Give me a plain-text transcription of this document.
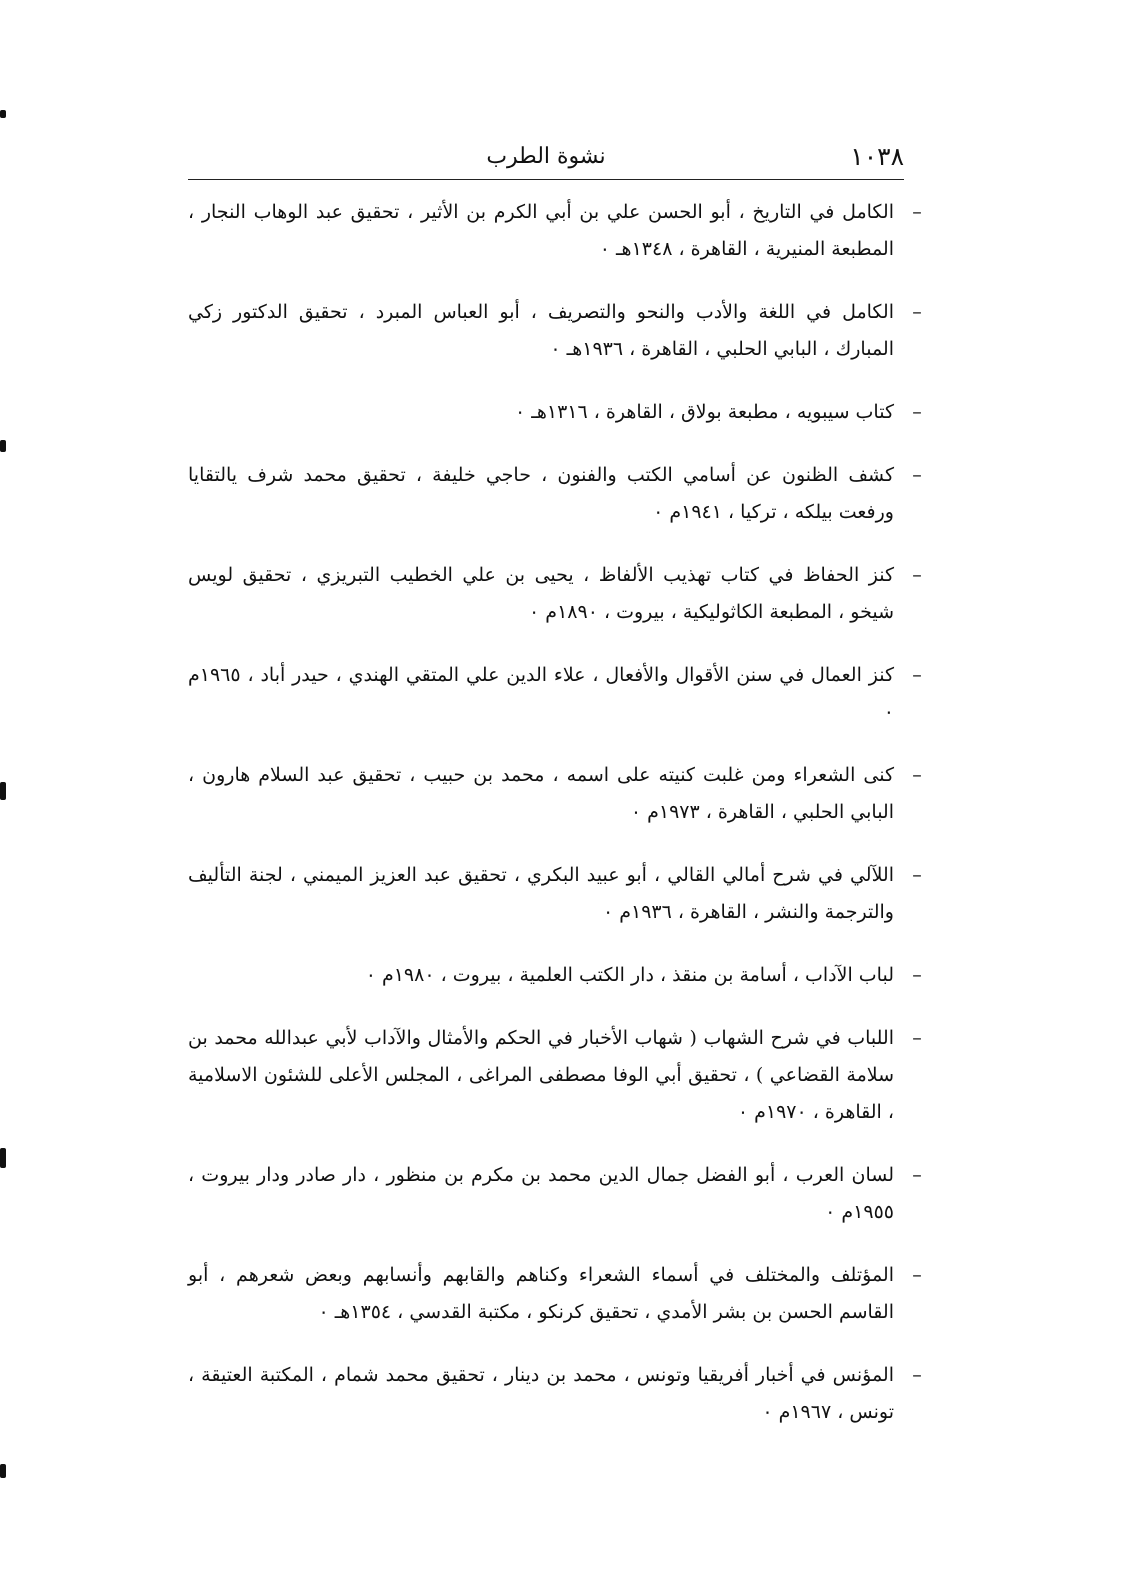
١٠٣٨
نشوة الطرب
–
الكامل في التاريخ ، أبو الحسن علي بن أبي الكرم بن الأثير ، تحقيق عبد الوهاب النجار ، المطبعة المنيرية ، القاهرة ، ١٣٤٨هـ ٠
–
الكامل في اللغة والأدب والنحو والتصريف ، أبو العباس المبرد ، تحقيق الدكتور زكي المبارك ، البابي الحلبي ، القاهرة ، ١٩٣٦هـ ٠
–
كتاب سيبويه ، مطبعة بولاق ، القاهرة ، ١٣١٦هـ ٠
–
كشف الظنون عن أسامي الكتب والفنون ، حاجي خليفة ، تحقيق محمد شرف يالتقايا ورفعت بيلكه ، تركيا ، ١٩٤١م ٠
–
كنز الحفاظ في كتاب تهذيب الألفاظ ، يحيى بن علي الخطيب التبريزي ، تحقيق لويس شيخو ، المطبعة الكاثوليكية ، بيروت ، ١٨٩٠م ٠
–
كنز العمال في سنن الأقوال والأفعال ، علاء الدين علي المتقي الهندي ، حيدر أباد ، ١٩٦٥م ٠
–
كنى الشعراء ومن غلبت كنيته على اسمه ، محمد بن حبيب ، تحقيق عبد السلام هارون ، البابي الحلبي ، القاهرة ، ١٩٧٣م ٠
–
اللآلي في شرح أمالي القالي ، أبو عبيد البكري ، تحقيق عبد العزيز الميمني ، لجنة التأليف والترجمة والنشر ، القاهرة ، ١٩٣٦م ٠
–
لباب الآداب ، أسامة بن منقذ ، دار الكتب العلمية ، بيروت ، ١٩٨٠م ٠
–
اللباب في شرح الشهاب ( شهاب الأخبار في الحكم والأمثال والآداب لأبي عبدالله محمد بن سلامة القضاعي ) ، تحقيق أبي الوفا مصطفى المراغى ، المجلس الأعلى للشئون الاسلامية ، القاهرة ، ١٩٧٠م ٠
–
لسان العرب ، أبو الفضل جمال الدين محمد بن مكرم بن منظور ، دار صادر ودار بيروت ، ١٩٥٥م ٠
–
المؤتلف والمختلف في أسماء الشعراء وكناهم والقابهم وأنسابهم وبعض شعرهم ، أبو القاسم الحسن بن بشر الأمدي ، تحقيق كرنكو ، مكتبة القدسي ، ١٣٥٤هـ ٠
–
المؤنس في أخبار أفريقيا وتونس ، محمد بن دينار ، تحقيق محمد شمام ، المكتبة العتيقة ، تونس ، ١٩٦٧م ٠
